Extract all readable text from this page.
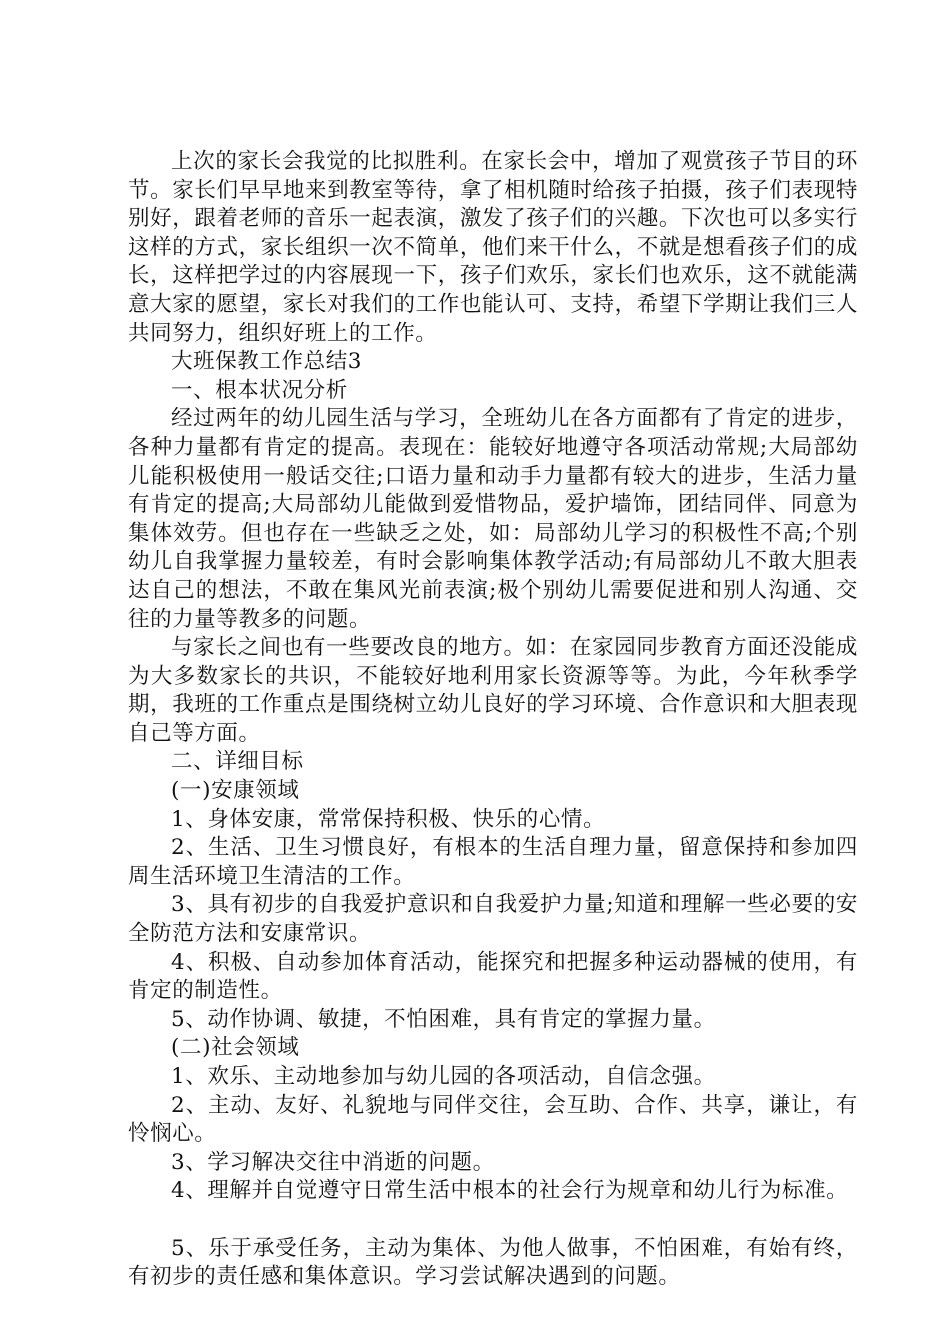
上次的家长会我觉的比拟胜利。在家长会中，增加了观赏孩子节目的环节。家长们早早地来到教室等待，拿了相机随时给孩子拍摄，孩子们表现特别好，跟着老师的音乐一起表演，激发了孩子们的兴趣。下次也可以多实行这样的方式，家长组织一次不简单，他们来干什么，不就是想看孩子们的成长，这样把学过的内容展现一下，孩子们欢乐，家长们也欢乐，这不就能满意大家的愿望，家长对我们的工作也能认可、支持，希望下学期让我们三人共同努力，组织好班上的工作。

大班保教工作总结3

一、根本状况分析

经过两年的幼儿园生活与学习，全班幼儿在各方面都有了肯定的进步，各种力量都有肯定的提高。表现在：能较好地遵守各项活动常规;大局部幼儿能积极使用一般话交往;口语力量和动手力量都有较大的进步，生活力量有肯定的提高;大局部幼儿能做到爱惜物品，爱护墙饰，团结同伴、同意为集体效劳。但也存在一些缺乏之处，如：局部幼儿学习的积极性不高;个别幼儿自我掌握力量较差，有时会影响集体教学活动;有局部幼儿不敢大胆表达自己的想法，不敢在集风光前表演;极个别幼儿需要促进和别人沟通、交往的力量等教多的问题。

与家长之间也有一些要改良的地方。如：在家园同步教育方面还没能成为大多数家长的共识，不能较好地利用家长资源等等。为此，今年秋季学期，我班的工作重点是围绕树立幼儿良好的学习环境、合作意识和大胆表现自己等方面。

二、详细目标

(一)安康领域

1、身体安康，常常保持积极、快乐的心情。

2、生活、卫生习惯良好，有根本的生活自理力量，留意保持和参加四周生活环境卫生清洁的工作。

3、具有初步的自我爱护意识和自我爱护力量;知道和理解一些必要的安全防范方法和安康常识。

4、积极、自动参加体育活动，能探究和把握多种运动器械的使用，有肯定的制造性。

5、动作协调、敏捷，不怕困难，具有肯定的掌握力量。

(二)社会领域

1、欢乐、主动地参加与幼儿园的各项活动，自信念强。

2、主动、友好、礼貌地与同伴交往，会互助、合作、共享，谦让，有怜悯心。

3、学习解决交往中消逝的问题。

4、理解并自觉遵守日常生活中根本的社会行为规章和幼儿行为标准。

5、乐于承受任务，主动为集体、为他人做事，不怕困难，有始有终，有初步的责任感和集体意识。学习尝试解决遇到的问题。
